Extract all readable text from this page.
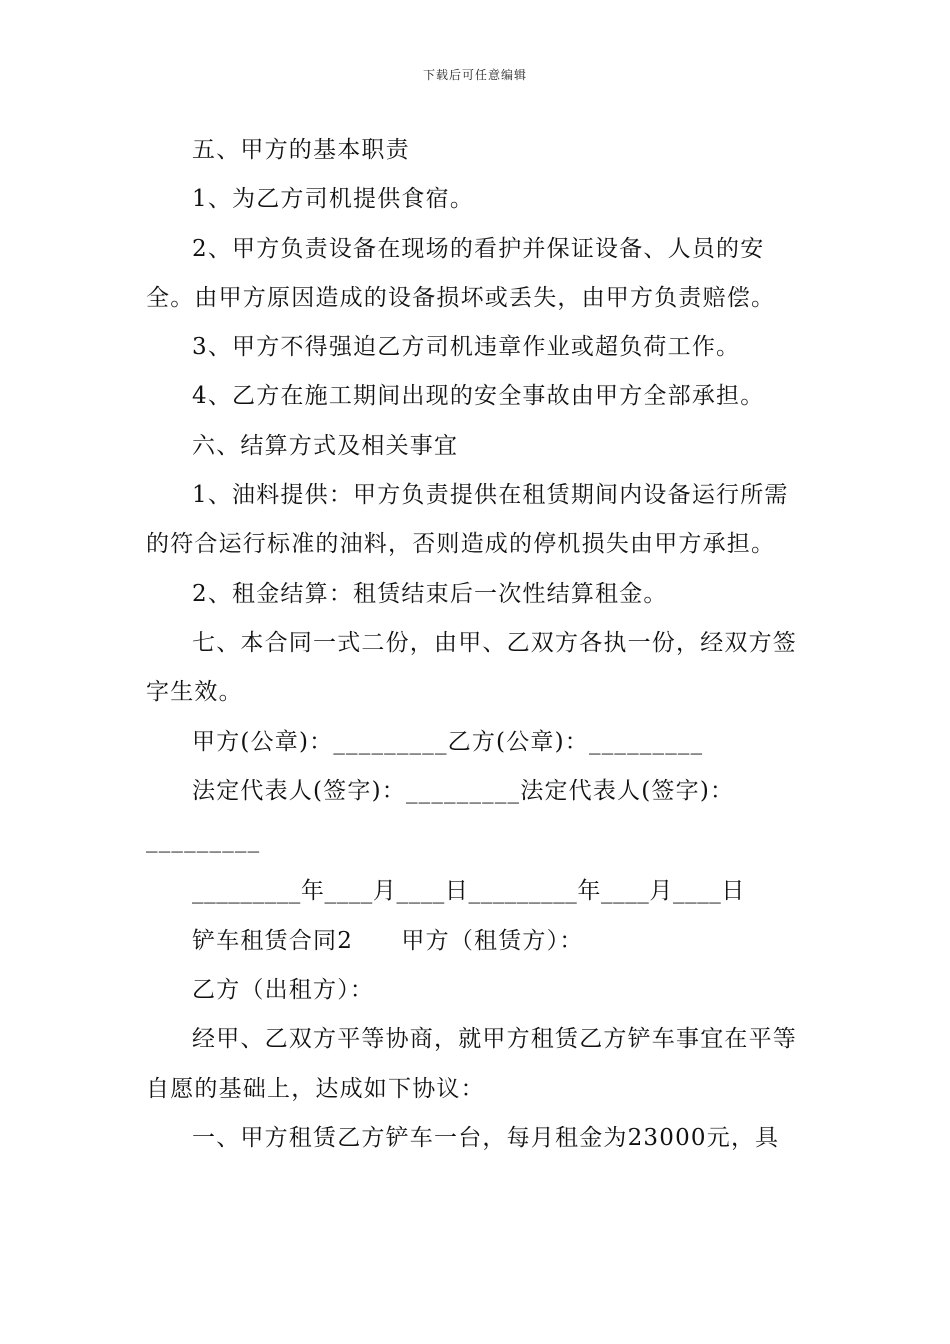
下载后可任意编辑

五、甲方的基本职责

1、为乙方司机提供食宿。

2、甲方负责设备在现场的看护并保证设备、人员的安全。由甲方原因造成的设备损坏或丢失，由甲方负责赔偿。

3、甲方不得强迫乙方司机违章作业或超负荷工作。

4、乙方在施工期间出现的安全事故由甲方全部承担。

六、结算方式及相关事宜

1、油料提供：甲方负责提供在租赁期间内设备运行所需的符合运行标准的油料，否则造成的停机损失由甲方承担。

2、租金结算：租赁结束后一次性结算租金。

七、本合同一式二份，由甲、乙双方各执一份，经双方签字生效。

甲方(公章)：_________乙方(公章)：_________

法定代表人(签字)：_________法定代表人(签字)：_________

_________年____月____日_________年____月____日

铲车租赁合同2　　甲方（租赁方）：

乙方（出租方）：

经甲、乙双方平等协商，就甲方租赁乙方铲车事宜在平等自愿的基础上，达成如下协议：

一、甲方租赁乙方铲车一台，每月租金为23000元，具
